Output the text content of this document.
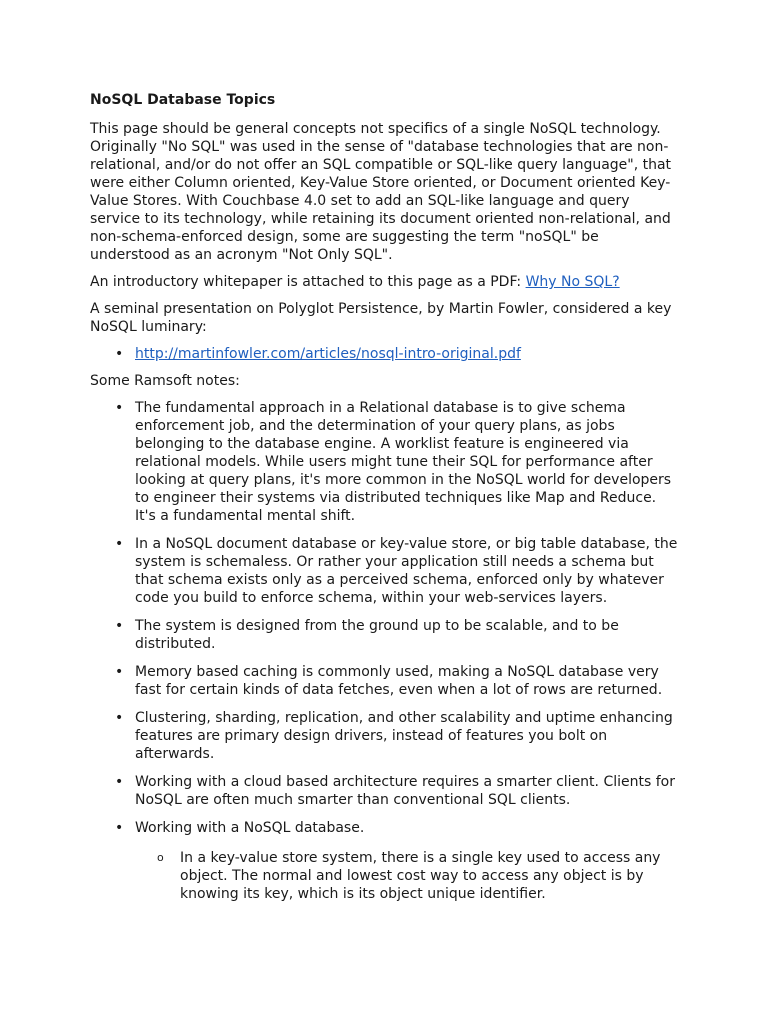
NoSQL Database Topics

This page should be general concepts not specifics of a single NoSQL technology. Originally "No SQL" was used in the sense of "database technologies that are non-relational, and/or do not offer an SQL compatible or SQL-like query language", that were either Column oriented, Key-Value Store oriented, or Document oriented Key-Value Stores. With Couchbase 4.0 set to add an SQL-like language and query service to its technology, while retaining its document oriented non-relational, and non-schema-enforced design, some are suggesting the term "noSQL" be understood as an acronym "Not Only SQL".

An introductory whitepaper is attached to this page as a PDF: Why No SQL?

A seminal presentation on Polyglot Persistence, by Martin Fowler, considered a key NoSQL luminary:

• http://martinfowler.com/articles/nosql-intro-original.pdf

Some Ramsoft notes:

• The fundamental approach in a Relational database is to give schema enforcement job, and the determination of your query plans, as jobs belonging to the database engine. A worklist feature is engineered via relational models. While users might tune their SQL for performance after looking at query plans, it's more common in the NoSQL world for developers to engineer their systems via distributed techniques like Map and Reduce. It's a fundamental mental shift.
• In a NoSQL document database or key-value store, or big table database, the system is schemaless. Or rather your application still needs a schema but that schema exists only as a perceived schema, enforced only by whatever code you build to enforce schema, within your web-services layers.
• The system is designed from the ground up to be scalable, and to be distributed.
• Memory based caching is commonly used, making a NoSQL database very fast for certain kinds of data fetches, even when a lot of rows are returned.
• Clustering, sharding, replication, and other scalability and uptime enhancing features are primary design drivers, instead of features you bolt on afterwards.
• Working with a cloud based architecture requires a smarter client. Clients for NoSQL are often much smarter than conventional SQL clients.
• Working with a NoSQL database.
o In a key-value store system, there is a single key used to access any object. The normal and lowest cost way to access any object is by knowing its key, which is its object unique identifier.
